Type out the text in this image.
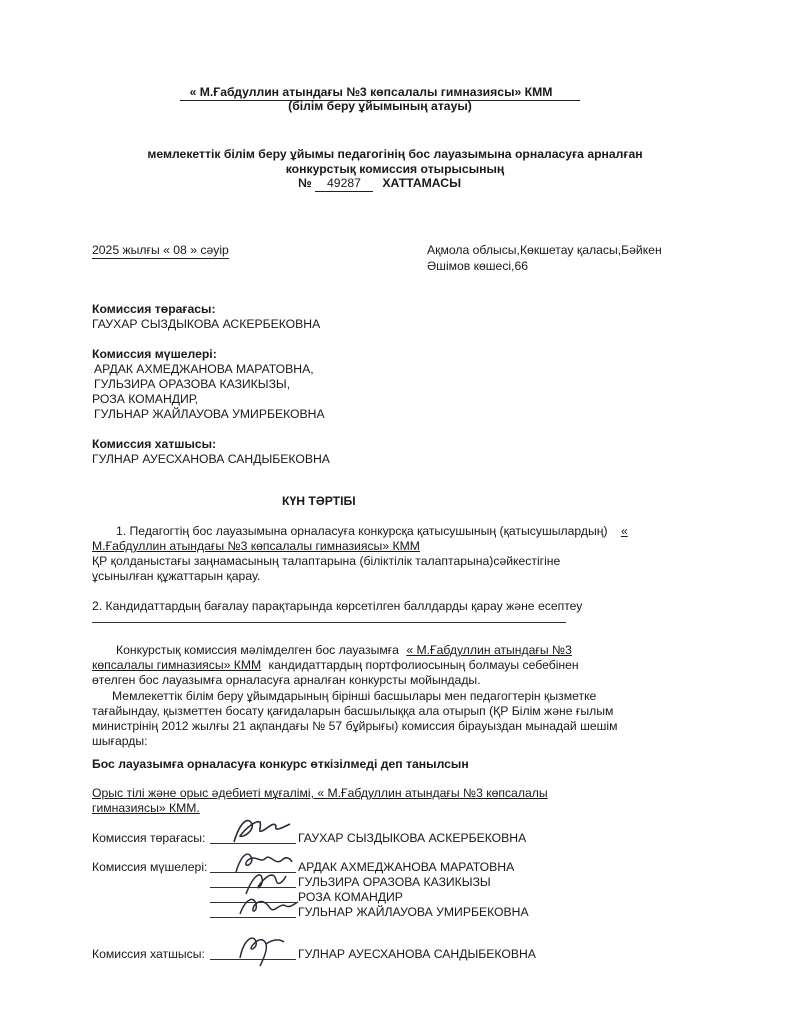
« М.Ғабдуллин атындағы №3 көпсалалы гимназиясы» КММ
(білім беру ұйымының атауы)
мемлекеттік білім беру ұйымы педагогінің бос лауазымына орналасуға арналған
конкурстық комиссия отырысының
№ 49287 ХАТТАМАСЫ
2025 жылғы « 08 » сәуір	Ақмола облысы,Көкшетау қаласы,Бәйкен
Әшімов көшесі,66
Комиссия төрағасы:
ГАУХАР СЫЗДЫКОВА АСКЕРБЕКОВНА
Комиссия мүшелері:
АРДАК АХМЕДЖАНОВА МАРАТОВНА,
ГУЛЬЗИРА ОРАЗОВА КАЗИКЫЗЫ,
РОЗА КОМАНДИР,
ГУЛЬНАР ЖАЙЛАУОВА УМИРБЕКОВНА
Комиссия хатшысы:
ГУЛНАР АУЕСХАНОВА САНДЫБЕКОВНА
КҮН ТӘРТІБІ
1. Педагогтің бос лауазымына орналасуға конкурсқа қатысушының (қатысушылардың) «
М.Ғабдуллин атындағы №3 көпсалалы гимназиясы» КММ
ҚР қолданыстағы заңнамасының талаптарына (біліктілік талаптарына)сәйкестігіне
ұсынылған құжаттарын қарау.
2. Кандидаттардың бағалау парақтарында көрсетілген баллдарды қарау және есептеу
Конкурстық комиссия мәлімделген бос лауазымға « М.Ғабдуллин атындағы №3
көпсалалы гимназиясы» КММ кандидаттардың портфолиосының болмауы себебінен
өтелген бос лауазымға орналасуға арналған конкурсты мойындады.
Мемлекеттік білім беру ұйымдарының бірінші басшылары мен педагогтерін қызметке
тағайындау, қызметтен босату қағидаларын басшылыққа ала отырып (ҚР Білім және ғылым
министрінің 2012 жылғы 21 ақпандағы № 57 бұйрығы) комиссия бірауыздан мынадай шешім
шығарды:
Бос лауазымға орналасуға конкурс өткізілмеді деп танылсын
Орыс тілі және орыс әдебиеті мұғалімі, « М.Ғабдуллин атындағы №3 көпсалалы
гимназиясы» КММ.
Комиссия төрағасы:	ГАУХАР СЫЗДЫКОВА АСКЕРБЕКОВНА
Комиссия мүшелері:	АРДАК АХМЕДЖАНОВА МАРАТОВНА
ГУЛЬЗИРА ОРАЗОВА КАЗИКЫЗЫ
РОЗА КОМАНДИР
ГУЛЬНАР ЖАЙЛАУОВА УМИРБЕКОВНА
Комиссия хатшысы:	ГУЛНАР АУЕСХАНОВА САНДЫБЕКОВНА
